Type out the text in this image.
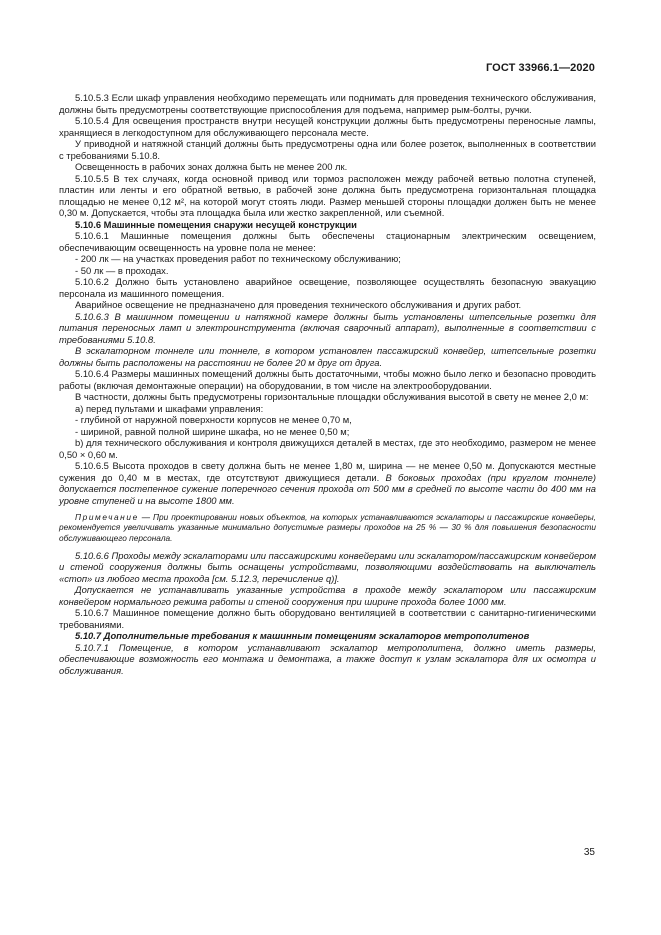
ГОСТ 33966.1—2020

5.10.5.3 Если шкаф управления необходимо перемещать или поднимать для проведения технического обслуживания, должны быть предусмотрены соответствующие приспособления для подъема, например рым-болты, ручки.

5.10.5.4 Для освещения пространств внутри несущей конструкции должны быть предусмотрены переносные лампы, хранящиеся в легкодоступном для обслуживающего персонала месте.

У приводной и натяжной станций должны быть предусмотрены одна или более розеток, выполненных в соответствии с требованиями 5.10.8.

Освещенность в рабочих зонах должна быть не менее 200 лк.

5.10.5.5 В тех случаях, когда основной привод или тормоз расположен между рабочей ветвью полотна ступеней, пластин или ленты и его обратной ветвью, в рабочей зоне должна быть предусмотрена горизонтальная площадка площадью не менее 0,12 м², на которой могут стоять люди. Размер меньшей стороны площадки должен быть не менее 0,30 м. Допускается, чтобы эта площадка была или жестко закрепленной, или съемной.

5.10.6 Машинные помещения снаружи несущей конструкции

5.10.6.1 Машинные помещения должны быть обеспечены стационарным электрическим освещением, обеспечивающим освещенность на уровне пола не менее:

- 200 лк — на участках проведения работ по техническому обслуживанию;

- 50 лк — в проходах.

5.10.6.2 Должно быть установлено аварийное освещение, позволяющее осуществлять безопасную эвакуацию персонала из машинного помещения.

Аварийное освещение не предназначено для проведения технического обслуживания и других работ.

5.10.6.3 В машинном помещении и натяжной камере должны быть установлены штепсельные розетки для питания переносных ламп и электроинструмента (включая сварочный аппарат), выполненные в соответствии с требованиями 5.10.8.

В эскалаторном тоннеле или тоннеле, в котором установлен пассажирский конвейер, штепсельные розетки должны быть расположены на расстоянии не более 20 м друг от друга.

5.10.6.4 Размеры машинных помещений должны быть достаточными, чтобы можно было легко и безопасно проводить работы (включая демонтажные операции) на оборудовании, в том числе на электрооборудовании.

В частности, должны быть предусмотрены горизонтальные площадки обслуживания высотой в свету не менее 2,0 м:

a) перед пультами и шкафами управления:

- глубиной от наружной поверхности корпусов не менее 0,70 м,

- шириной, равной полной ширине шкафа, но не менее 0,50 м;

b) для технического обслуживания и контроля движущихся деталей в местах, где это необходимо, размером не менее 0,50 × 0,60 м.

5.10.6.5 Высота проходов в свету должна быть не менее 1,80 м, ширина — не менее 0,50 м. Допускаются местные сужения до 0,40 м в местах, где отсутствуют движущиеся детали. В боковых проходах (при круглом тоннеле) допускается постепенное сужение поперечного сечения прохода от 500 мм в средней по высоте части до 400 мм на уровне ступеней и на высоте 1800 мм.

Примечание — При проектировании новых объектов, на которых устанавливаются эскалаторы и пассажирские конвейеры, рекомендуется увеличивать указанные минимально допустимые размеры проходов на 25 % — 30 % для повышения безопасности обслуживающего персонала.

5.10.6.6 Проходы между эскалаторами или пассажирскими конвейерами или эскалатором/пассажирским конвейером и стеной сооружения должны быть оснащены устройствами, позволяющими воздействовать на выключатель «стоп» из любого места прохода [см. 5.12.3, перечисление q)].

Допускается не устанавливать указанные устройства в проходе между эскалатором или пассажирским конвейером нормального режима работы и стеной сооружения при ширине прохода более 1000 мм.

5.10.6.7 Машинное помещение должно быть оборудовано вентиляцией в соответствии с санитарно-гигиеническими требованиями.

5.10.7 Дополнительные требования к машинным помещениям эскалаторов метрополитенов

5.10.7.1 Помещение, в котором устанавливают эскалатор метрополитена, должно иметь размеры, обеспечивающие возможность его монтажа и демонтажа, а также доступ к узлам эскалатора для их осмотра и обслуживания.

35
